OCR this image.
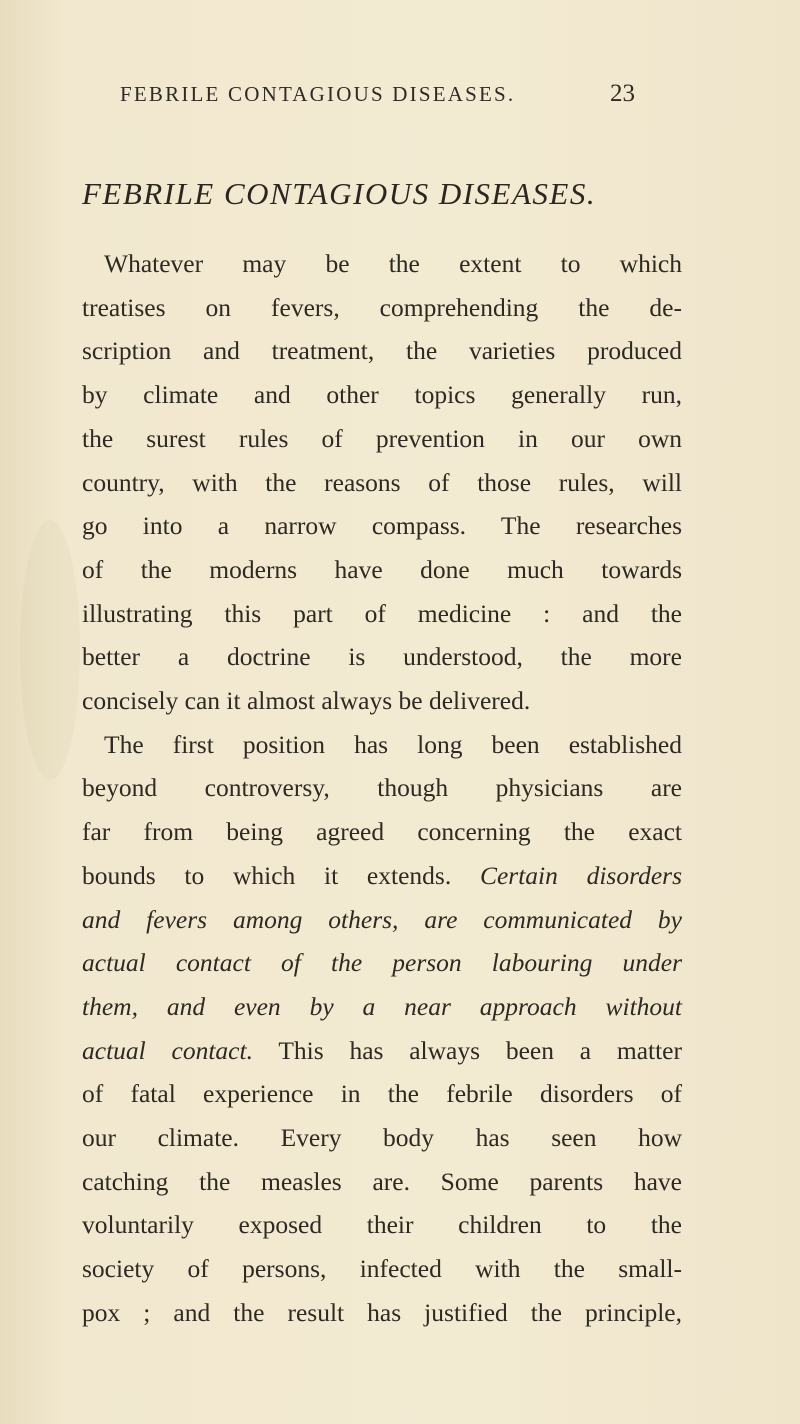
FEBRILE CONTAGIOUS DISEASES.	23
FEBRILE CONTAGIOUS DISEASES.
Whatever may be the extent to which
treatises on fevers, comprehending the de-
scription and treatment, the varieties produced
by climate and other topics generally run,
the surest rules of prevention in our own
country, with the reasons of those rules, will
go into a narrow compass. The researches
of the moderns have done much towards
illustrating this part of medicine : and the
better a doctrine is understood, the more
concisely can it almost always be delivered.
The first position has long been established
beyond controversy, though physicians are
far from being agreed concerning the exact
bounds to which it extends. Certain disorders
and fevers among others, are communicated by
actual contact of the person labouring under
them, and even by a near approach without
actual contact. This has always been a matter
of fatal experience in the febrile disorders of
our climate. Every body has seen how
catching the measles are. Some parents have
voluntarily exposed their children to the
society of persons, infected with the small-
pox ; and the result has justified the principle,
